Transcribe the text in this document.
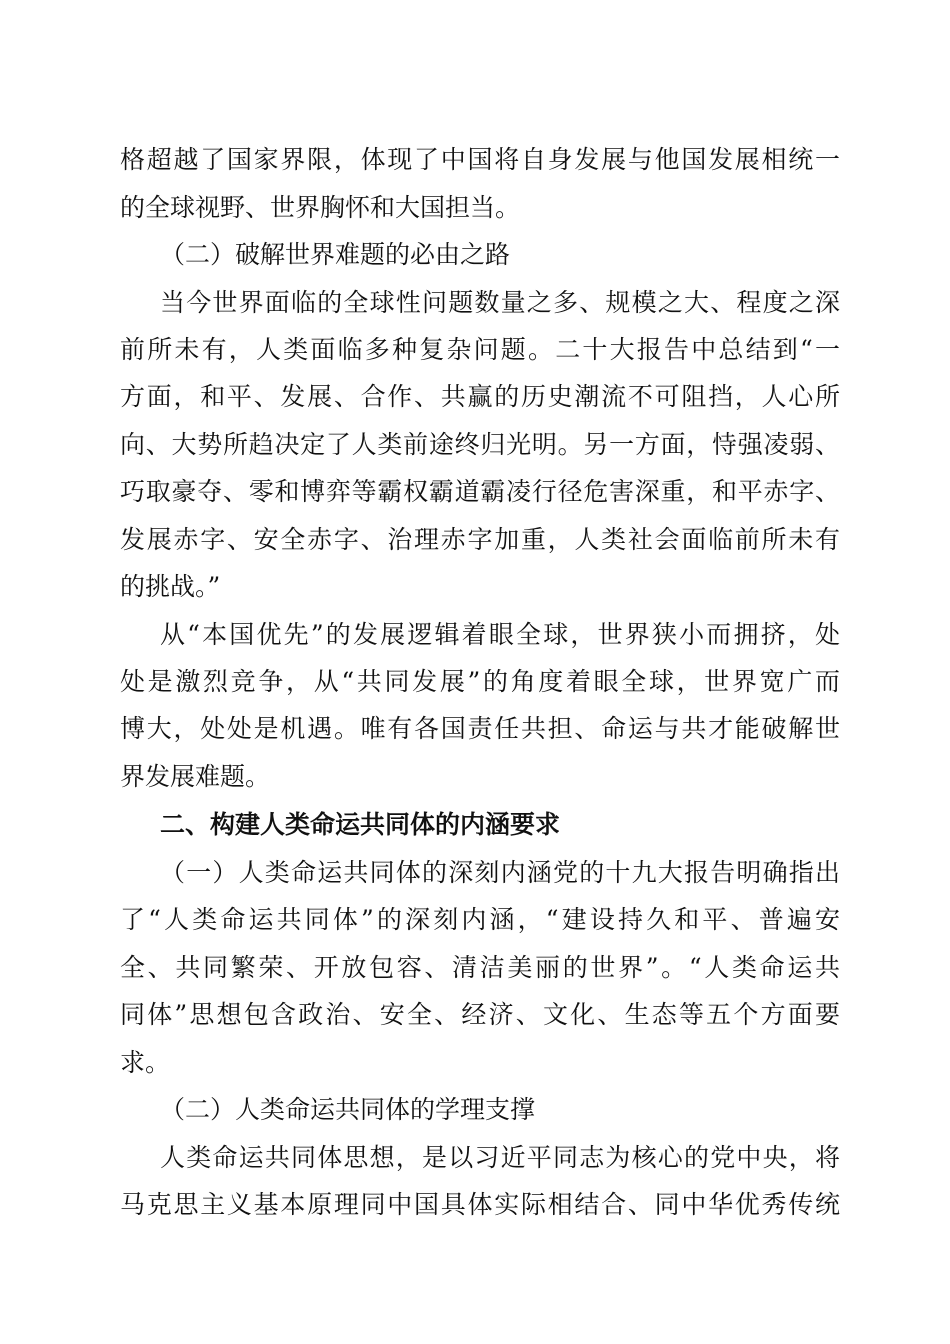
格超越了国家界限，体现了中国将自身发展与他国发展相统一
的全球视野、世界胸怀和大国担当。
（二）破解世界难题的必由之路
当今世界面临的全球性问题数量之多、规模之大、程度之深
前所未有，人类面临多种复杂问题。二十大报告中总结到“一
方面，和平、发展、合作、共赢的历史潮流不可阻挡，人心所
向、大势所趋决定了人类前途终归光明。另一方面，恃强凌弱、
巧取豪夺、零和博弈等霸权霸道霸凌行径危害深重，和平赤字、
发展赤字、安全赤字、治理赤字加重，人类社会面临前所未有
的挑战。”
从“本国优先”的发展逻辑着眼全球，世界狭小而拥挤，处
处是激烈竞争，从“共同发展”的角度着眼全球，世界宽广而
博大，处处是机遇。唯有各国责任共担、命运与共才能破解世
界发展难题。
二、构建人类命运共同体的内涵要求
（一）人类命运共同体的深刻内涵党的十九大报告明确指出
了“人类命运共同体”的深刻内涵，“建设持久和平、普遍安
全、共同繁荣、开放包容、清洁美丽的世界”。“人类命运共
同体”思想包含政治、安全、经济、文化、生态等五个方面要
求。
（二）人类命运共同体的学理支撑
人类命运共同体思想，是以习近平同志为核心的党中央，将
马克思主义基本原理同中国具体实际相结合、同中华优秀传统
